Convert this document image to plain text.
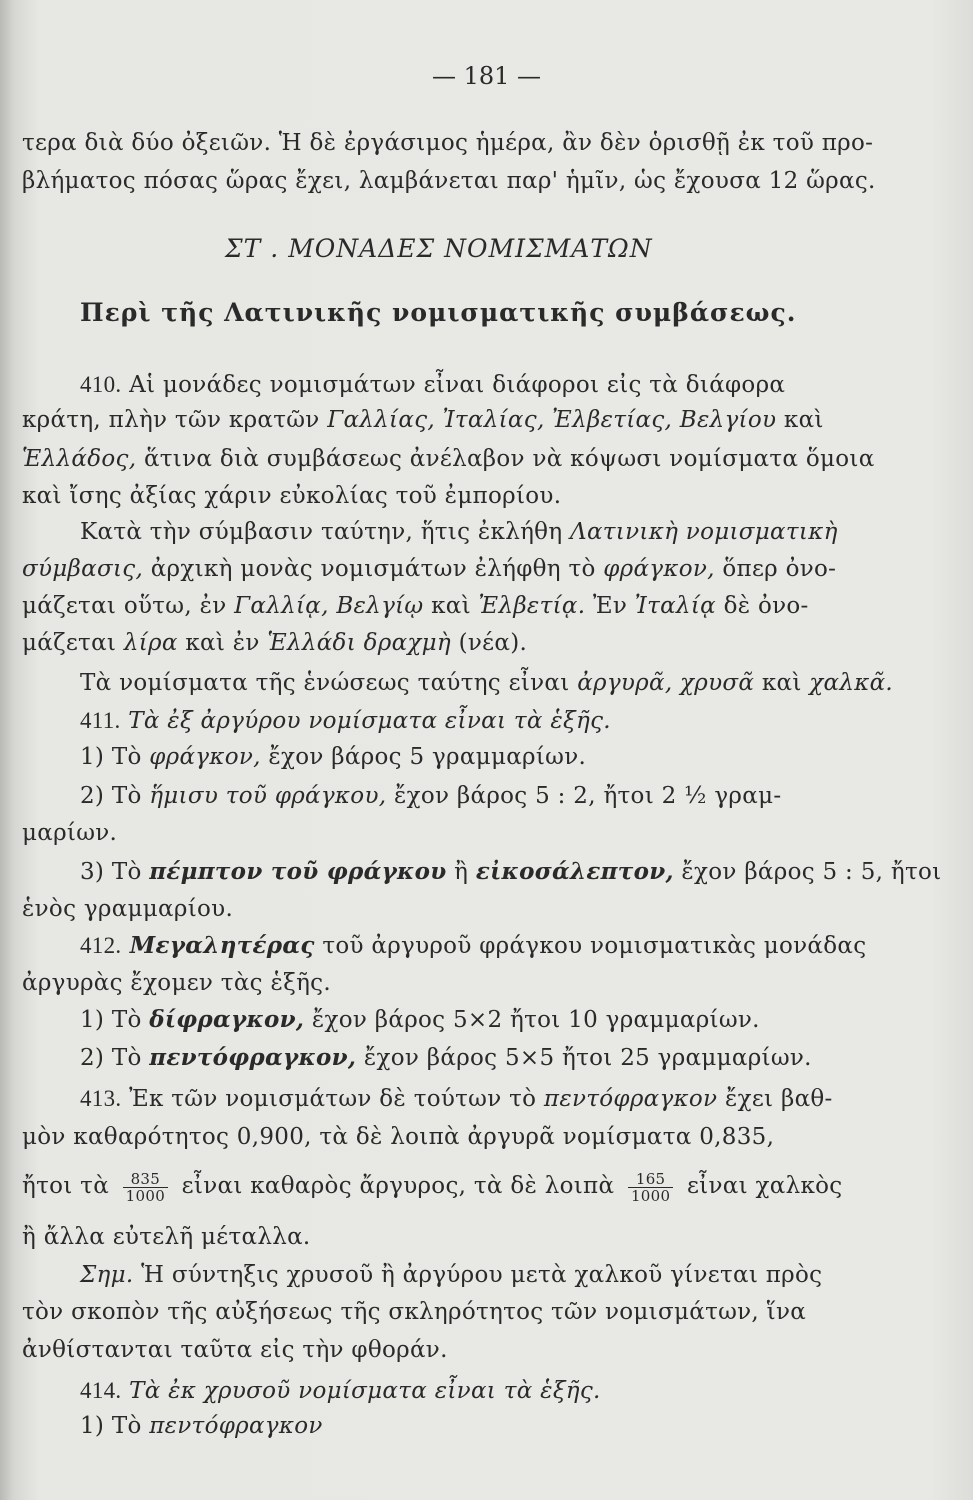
— 181 —
τερα διὰ δύο ὀξειῶν. Ἡ δὲ ἐργάσιμος ἡμέρα, ἂν δὲν ὁρισθῇ ἐκ τοῦ προ-
βλήματος πόσας ὥρας ἔχει, λαμβάνεται παρ' ἡμῖν, ὡς ἔχουσα 12 ὥρας.
ΣΤ . ΜΟΝΑΔΕΣ ΝΟΜΙΣΜΑΤΩΝ
Περὶ τῆς Λατινικῆς νομισματικῆς συμβάσεως.
410. Αἱ μονάδες νομισμάτων εἶναι διάφοροι εἰς τὰ διάφορα
κράτη, πλὴν τῶν κρατῶν Γαλλίας, Ἰταλίας, Ἐλβετίας, Βελγίου καὶ
Ἑλλάδος, ἅτινα διὰ συμβάσεως ἀνέλαβον νὰ κόψωσι νομίσματα ὅμοια
καὶ ἴσης ἀξίας χάριν εὐκολίας τοῦ ἐμπορίου.
Κατὰ τὴν σύμβασιν ταύτην, ἥτις ἐκλήθη Λατινικὴ νομισματικὴ
σύμβασις, ἀρχικὴ μονὰς νομισμάτων ἐλήφθη τὸ φράγκον, ὅπερ ὀνο-
μάζεται οὕτω, ἐν Γαλλίᾳ, Βελγίῳ καὶ Ἐλβετίᾳ. Ἐν Ἰταλίᾳ δὲ ὀνο-
μάζεται λίρα καὶ ἐν Ἑλλάδι δραχμὴ (νέα).
Τὰ νομίσματα τῆς ἑνώσεως ταύτης εἶναι ἀργυρᾶ, χρυσᾶ καὶ χαλκᾶ.
411. Τὰ ἐξ ἀργύρου νομίσματα εἶναι τὰ ἑξῆς.
1) Τὸ φράγκον, ἔχον βάρος 5 γραμμαρίων.
2) Τὸ ἥμισυ τοῦ φράγκου, ἔχον βάρος 5 : 2, ἤτοι 2 ½ γραμ-
μαρίων.
3) Τὸ πέμπτον τοῦ φράγκου ἢ εἰκοσάλεπτον, ἔχον βάρος 5 : 5, ἤτοι
ἑνὸς γραμμαρίου.
412. Μεγαλητέρας τοῦ ἀργυροῦ φράγκου νομισματικὰς μονάδας
ἀργυρὰς ἔχομεν τὰς ἑξῆς.
1) Τὸ δίφραγκον, ἔχον βάρος 5×2 ἤτοι 10 γραμμαρίων.
2) Τὸ πεντόφραγκον, ἔχον βάρος 5×5 ἤτοι 25 γραμμαρίων.
413. Ἐκ τῶν νομισμάτων δὲ τούτων τὸ πεντόφραγκον ἔχει βαθ-
μὸν καθαρότητος 0,900, τὰ δὲ λοιπὰ ἀργυρᾶ νομίσματα 0,835,
ἤτοι τὰ $\frac{835}{1000}$ εἶναι καθαρὸς ἄργυρος, τὰ δὲ λοιπὰ $\frac{165}{1000}$ εἶναι χαλκὸς
ἢ ἄλλα εὐτελῆ μέταλλα.
Σημ. Ἡ σύντηξις χρυσοῦ ἢ ἀργύρου μετὰ χαλκοῦ γίνεται πρὸς
τὸν σκοπὸν τῆς αὐξήσεως τῆς σκληρότητος τῶν νομισμάτων, ἵνα
ἀνθίστανται ταῦτα εἰς τὴν φθοράν.
414. Τὰ ἐκ χρυσοῦ νομίσματα εἶναι τὰ ἑξῆς.
1) Τὸ πεντόφραγκον
